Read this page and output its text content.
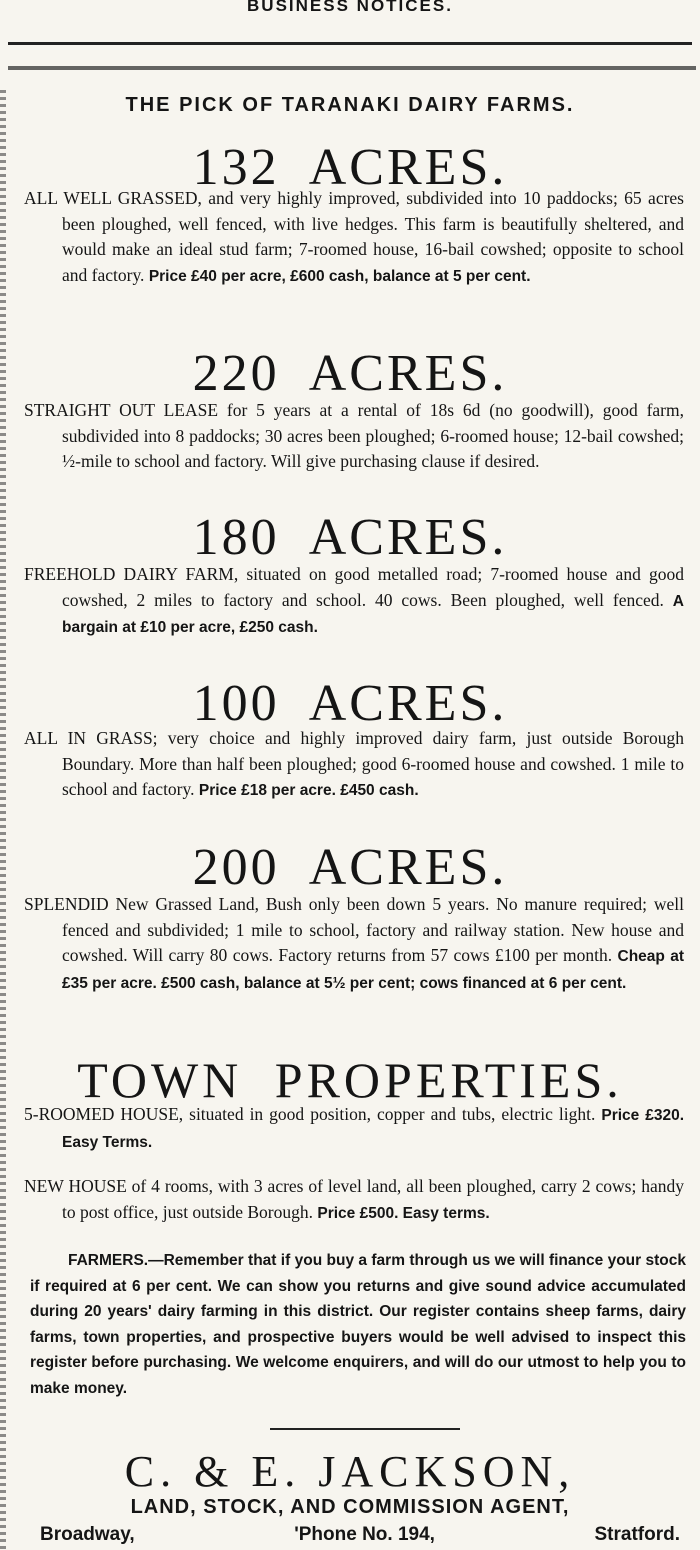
BUSINESS NOTICES.
THE PICK OF TARANAKI DAIRY FARMS.
132 ACRES.
ALL WELL GRASSED, and very highly improved, subdivided into 10 paddocks; 65 acres been ploughed, well fenced, with live hedges. This farm is beautifully sheltered, and would make an ideal stud farm; 7-roomed house, 16-bail cowshed; opposite to school and factory. Price £40 per acre, £600 cash, balance at 5 per cent.
220 ACRES.
STRAIGHT OUT LEASE for 5 years at a rental of 18s 6d (no goodwill), good farm, subdivided into 8 paddocks; 30 acres been ploughed; 6-roomed house; 12-bail cowshed; ½-mile to school and factory. Will give purchasing clause if desired.
180 ACRES.
FREEHOLD DAIRY FARM, situated on good metalled road; 7-roomed house and good cowshed, 2 miles to factory and school. 40 cows. Been ploughed, well fenced. A bargain at £10 per acre, £250 cash.
100 ACRES.
ALL IN GRASS; very choice and highly improved dairy farm, just outside Borough Boundary. More than half been ploughed; good 6-roomed house and cowshed. 1 mile to school and factory. Price £18 per acre. £450 cash.
200 ACRES.
SPLENDID New Grassed Land, Bush only been down 5 years. No manure required; well fenced and subdivided; 1 mile to school, factory and railway station. New house and cowshed. Will carry 80 cows. Factory returns from 57 cows £100 per month. Cheap at £35 per acre. £500 cash, balance at 5½ per cent; cows financed at 6 per cent.
TOWN PROPERTIES.
5-ROOMED HOUSE, situated in good position, copper and tubs, electric light. Price £320. Easy Terms.
NEW HOUSE of 4 rooms, with 3 acres of level land, all been ploughed, carry 2 cows; handy to post office, just outside Borough. Price £500. Easy terms.
FARMERS.—Remember that if you buy a farm through us we will finance your stock if required at 6 per cent. We can show you returns and give sound advice accumulated during 20 years' dairy farming in this district. Our register contains sheep farms, dairy farms, town properties, and prospective buyers would be well advised to inspect this register before purchasing. We welcome enquirers, and will do our utmost to help you to make money.
C. & E. JACKSON,
LAND, STOCK, AND COMMISSION AGENT,
Broadway,	'Phone No. 194,	Stratford.
